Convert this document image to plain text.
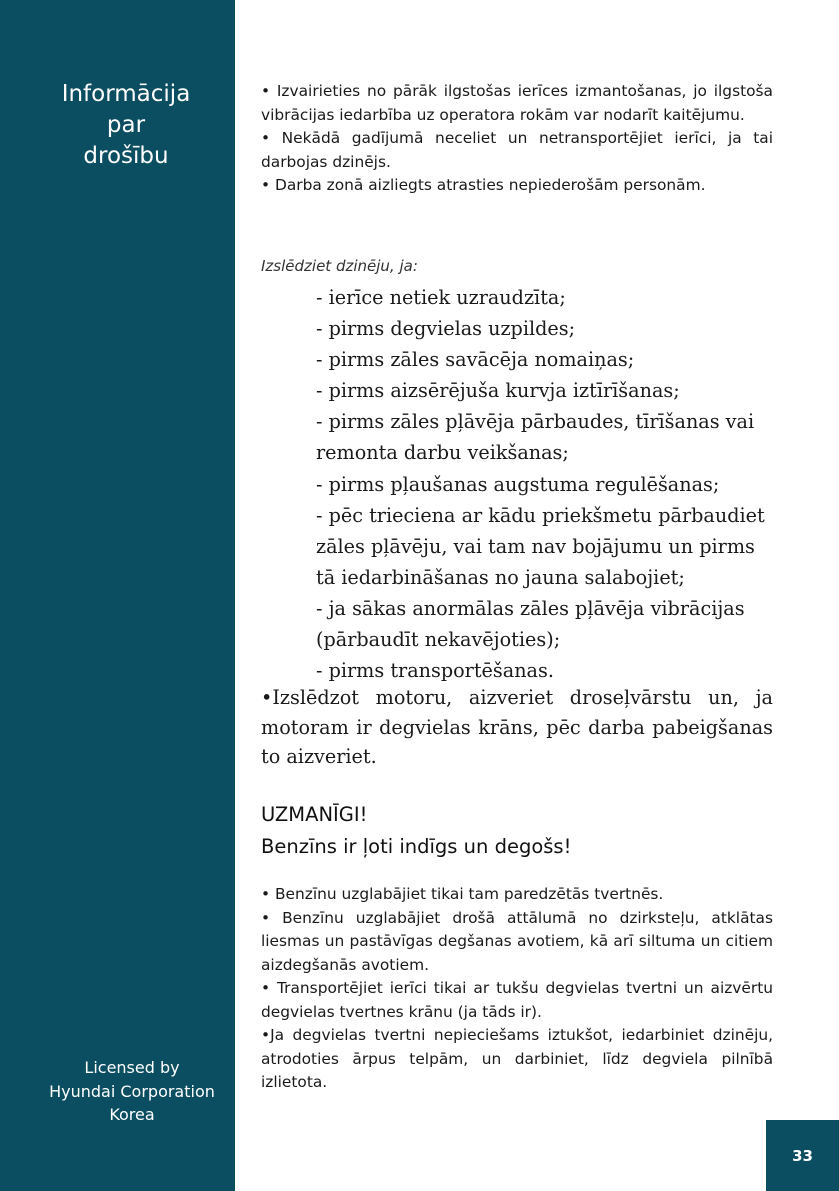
Informācija
par
drošību
Licensed by
Hyundai Corporation
Korea

• Izvairieties no pārāk ilgstošas ierīces izmantošanas, jo ilgstoša vibrācijas iedarbība uz operatora rokām var nodarīt kaitējumu.

• Nekādā gadījumā neceliet un netransportējiet ierīci, ja tai darbojas dzinējs.

• Darba zonā aizliegts atrasties nepiederošām personām.

Izslēdziet dzinēju, ja:

- ierīce netiek uzraudzīta;

- pirms degvielas uzpildes;

- pirms zāles savācēja nomaiņas;

- pirms aizsērējuša kurvja iztīrīšanas;

- pirms zāles pļāvēja pārbaudes, tīrīšanas vai remonta darbu veikšanas;

- pirms pļaušanas augstuma regulēšanas;

- pēc trieciena ar kādu priekšmetu pārbaudiet zāles pļāvēju, vai tam nav bojājumu un pirms tā iedarbināšanas no jauna salabojiet;

- ja sākas anormālas zāles pļāvēja vibrācijas (pārbaudīt nekavējoties);

- pirms transportēšanas.

•Izslēdzot motoru, aizveriet droseļvārstu un, ja motoram ir degvielas krāns, pēc darba pabeigšanas to aizveriet.

UZMANĪGI!
Benzīns ir ļoti indīgs un degošs!

• Benzīnu uzglabājiet tikai tam paredzētās tvertnēs.

• Benzīnu uzglabājiet drošā attālumā no dzirksteļu, atklātas liesmas un pastāvīgas degšanas avotiem, kā arī siltuma un citiem aizdegšanās avotiem.

• Transportējiet ierīci tikai ar tukšu degvielas tvertni un aizvērtu degvielas tvertnes krānu (ja tāds ir).

•Ja degvielas tvertni nepieciešams iztukšot, iedarbiniet dzinēju, atrodoties ārpus telpām, un darbiniet, līdz degviela pilnībā izlietota.

33
